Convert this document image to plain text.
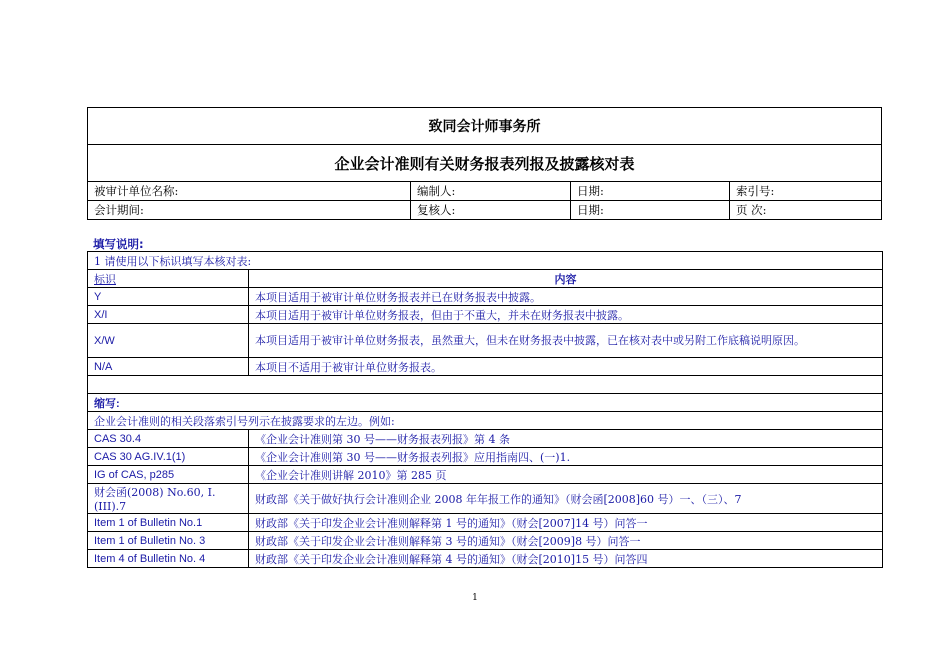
致同会计师事务所
企业会计准则有关财务报表列报及披露核对表
被审计单位名称:	编制人:	日期:	索引号:
会计期间:	复核人:	日期:	页 次:
填写说明:
1 请使用以下标识填写本核对表:	
标识	内容
Y	本项目适用于被审计单位财务报表并已在财务报表中披露。
X/I	本项目适用于被审计单位财务报表，但由于不重大，并未在财务报表中披露。
X/W	本项目适用于被审计单位财务报表，虽然重大，但未在财务报表中披露，已在核对表中或另附工作底稿说明原因。
N/A	本项目不适用于被审计单位财务报表。

缩写:	
企业会计准则的相关段落索引号列示在披露要求的左边。例如:	
CAS 30.4	《企业会计准则第 30 号——财务报表列报》第 4 条
CAS 30 AG.IV.1(1)	《企业会计准则第 30 号——财务报表列报》应用指南四、(一)1.
IG of CAS, p285	《企业会计准则讲解 2010》第 285 页
财会函(2008) No.60, I.(III).7	财政部《关于做好执行会计准则企业 2008 年年报工作的通知》（财会函[2008]60 号）一、（三）、7
Item 1 of Bulletin No.1	财政部《关于印发企业会计准则解释第 1 号的通知》（财会[2007]14 号）问答一
Item 1 of Bulletin No. 3	财政部《关于印发企业会计准则解释第 3 号的通知》（财会[2009]8 号）问答一
Item 4 of Bulletin No. 4	财政部《关于印发企业会计准则解释第 4 号的通知》（财会[2010]15 号）问答四
1
